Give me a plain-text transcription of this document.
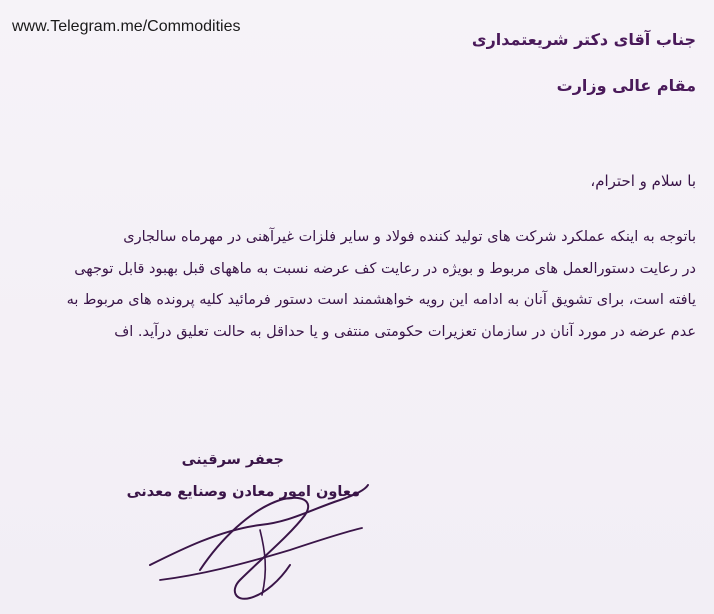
www.Telegram.me/Commodities
جناب آقای دکتر شریعتمداری
مقام عالی وزارت
با سلام و احترام،
باتوجه به اینکه عملکرد شرکت های تولید کننده فولاد و سایر فلزات غیرآهنی در مهرماه سالجاری
در رعایت دستورالعمل های مربوط و بویژه در رعایت کف عرضه نسبت به ماههای قبل بهبود قابل توجهی
یافته است، برای تشویق آنان به ادامه این رویه خواهشمند است دستور فرمائید کلیه پرونده های مربوط به
عدم عرضه در مورد آنان در سازمان تعزیرات حکومتی منتفی و یا حداقل به حالت تعلیق درآید. اف
جعفر سرقینی
معاون امور معادن وصنایع معدنی
